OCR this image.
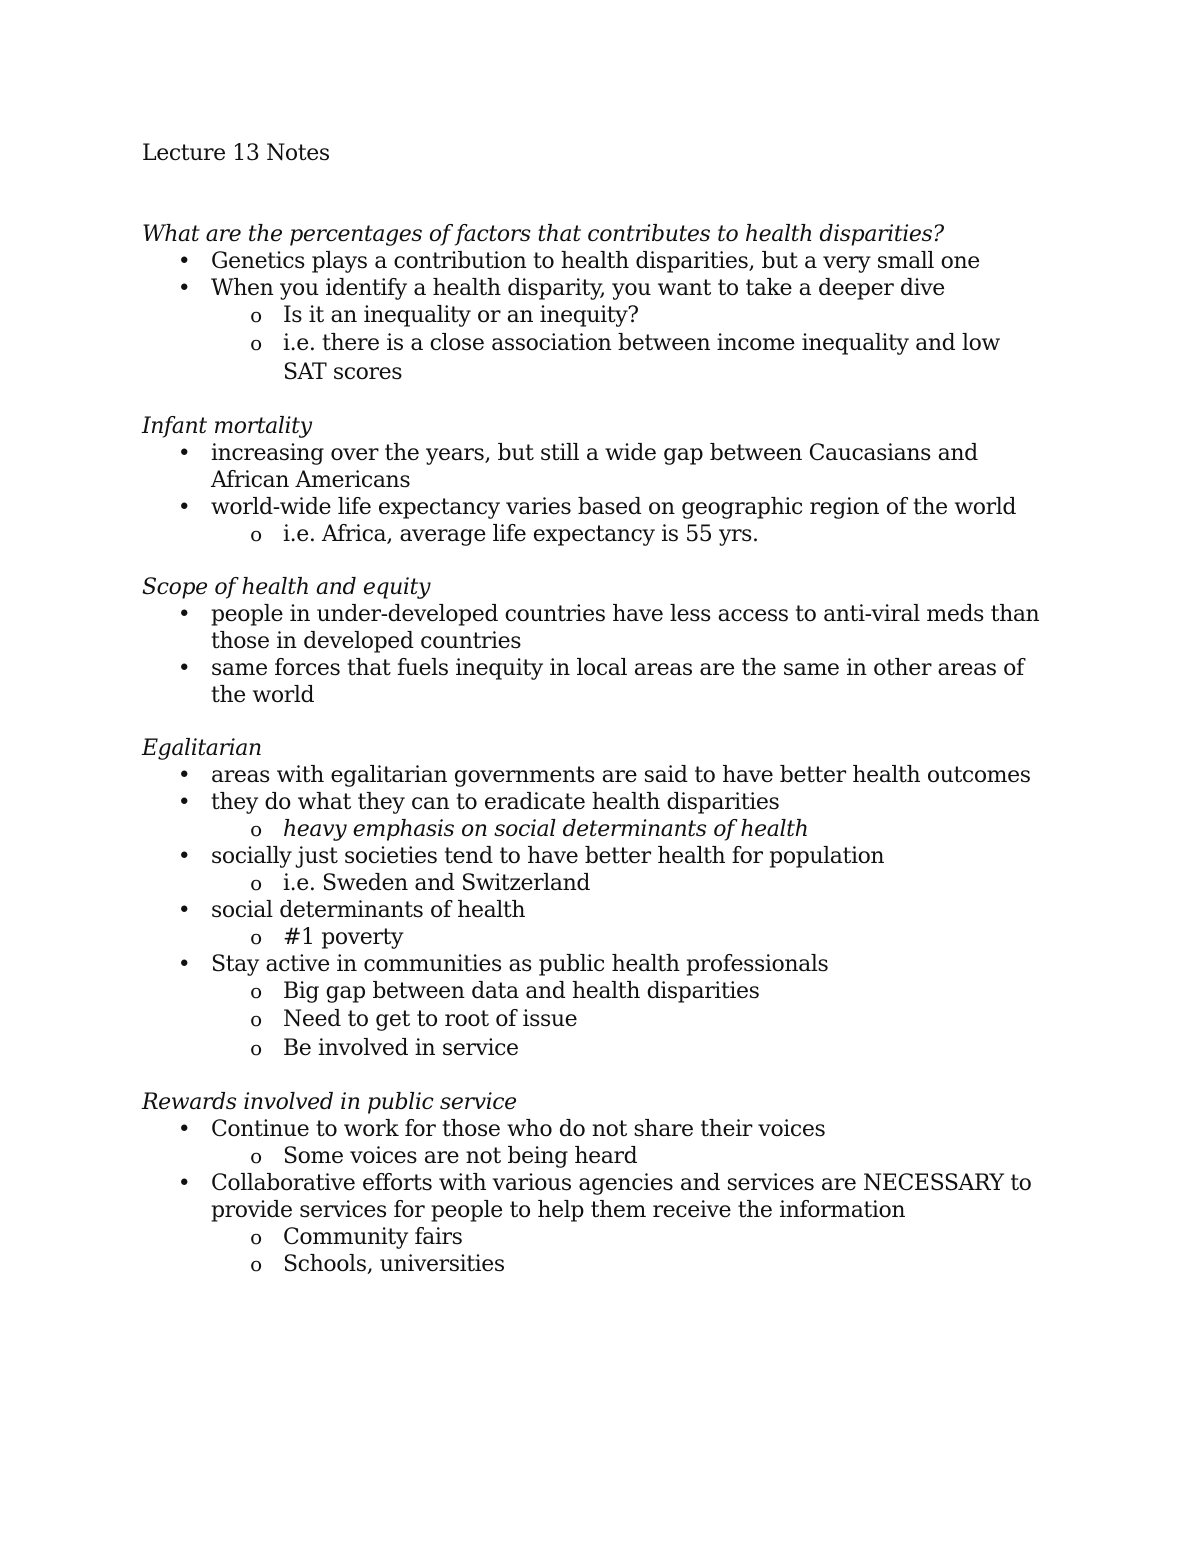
Lecture 13 Notes

What are the percentages of factors that contributes to health disparities?

• Genetics plays a contribution to health disparities, but a very small one
• When you identify a health disparity, you want to take a deeper dive
o Is it an inequality or an inequity?
o i.e. there is a close association between income inequality and low SAT scores

Infant mortality

• increasing over the years, but still a wide gap between Caucasians and African Americans
• world-wide life expectancy varies based on geographic region of the world
o i.e. Africa, average life expectancy is 55 yrs.

Scope of health and equity

• people in under-developed countries have less access to anti-viral meds than those in developed countries
• same forces that fuels inequity in local areas are the same in other areas of the world

Egalitarian

• areas with egalitarian governments are said to have better health outcomes
• they do what they can to eradicate health disparities
o heavy emphasis on social determinants of health
• socially just societies tend to have better health for population
o i.e. Sweden and Switzerland
• social determinants of health
o #1 poverty
• Stay active in communities as public health professionals
o Big gap between data and health disparities
o Need to get to root of issue
o Be involved in service

Rewards involved in public service

• Continue to work for those who do not share their voices
o Some voices are not being heard
• Collaborative efforts with various agencies and services are NECESSARY to provide services for people to help them receive the information
o Community fairs
o Schools, universities
